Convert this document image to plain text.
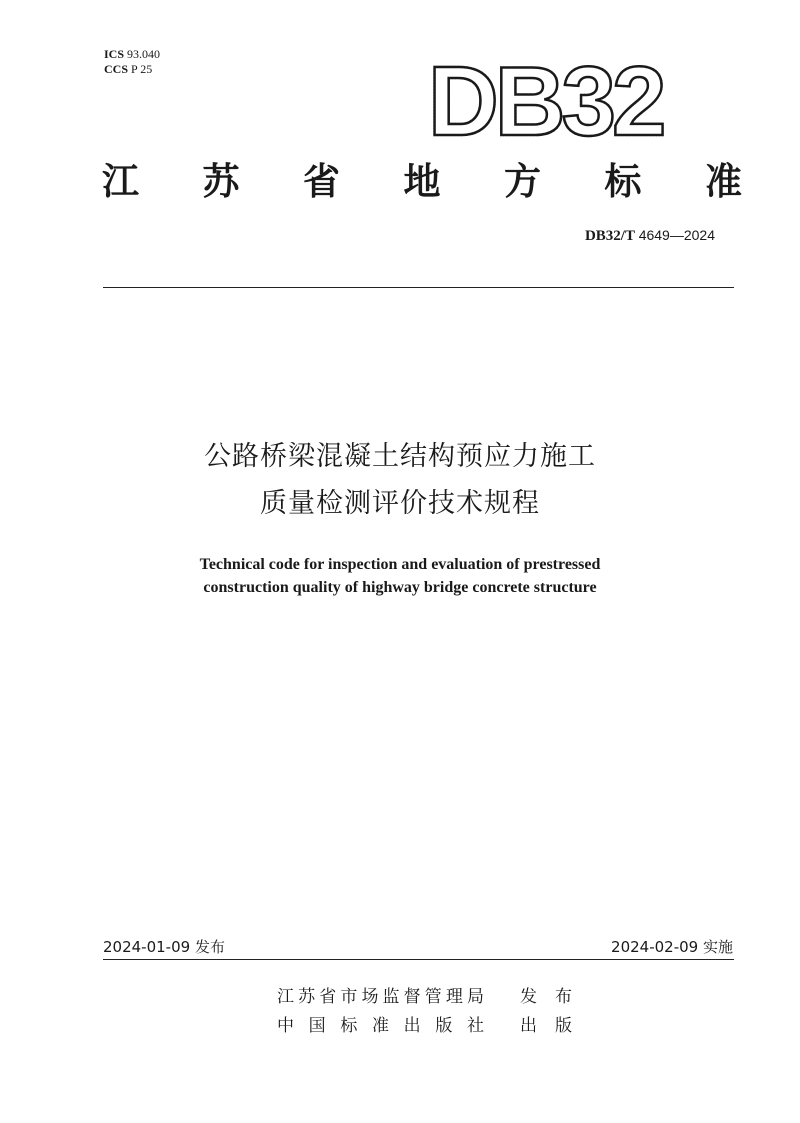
ICS 93.040
CCS P 25	DB32
江 苏 省 地 方 标 准
DB32/T 4649—2024
公路桥梁混凝土结构预应力施工
质量检测评价技术规程
Technical code for inspection and evaluation of prestressed
construction quality of highway bridge concrete structure
2024-01-09 发布	2024-02-09 实施
江苏省市场监督管理局 发布
中国标准出版社 出版
